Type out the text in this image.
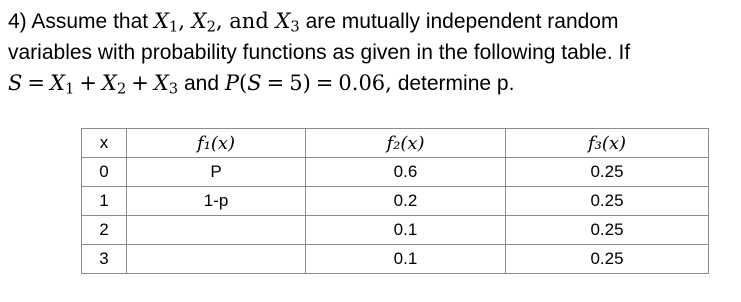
4) Assume that $X_1$, $X_2$, and $X_3$ are mutually independent random

variables with probability functions as given in the following table. If

$S = X_1 + X_2 + X_3$ and P(S = 5) = 0.06, determine p.

x	f₁(x)	f₂(x)	f₃(x)
0	P	0.6	0.25
1	1-p	0.2	0.25
2		0.1	0.25
3		0.1	0.25
